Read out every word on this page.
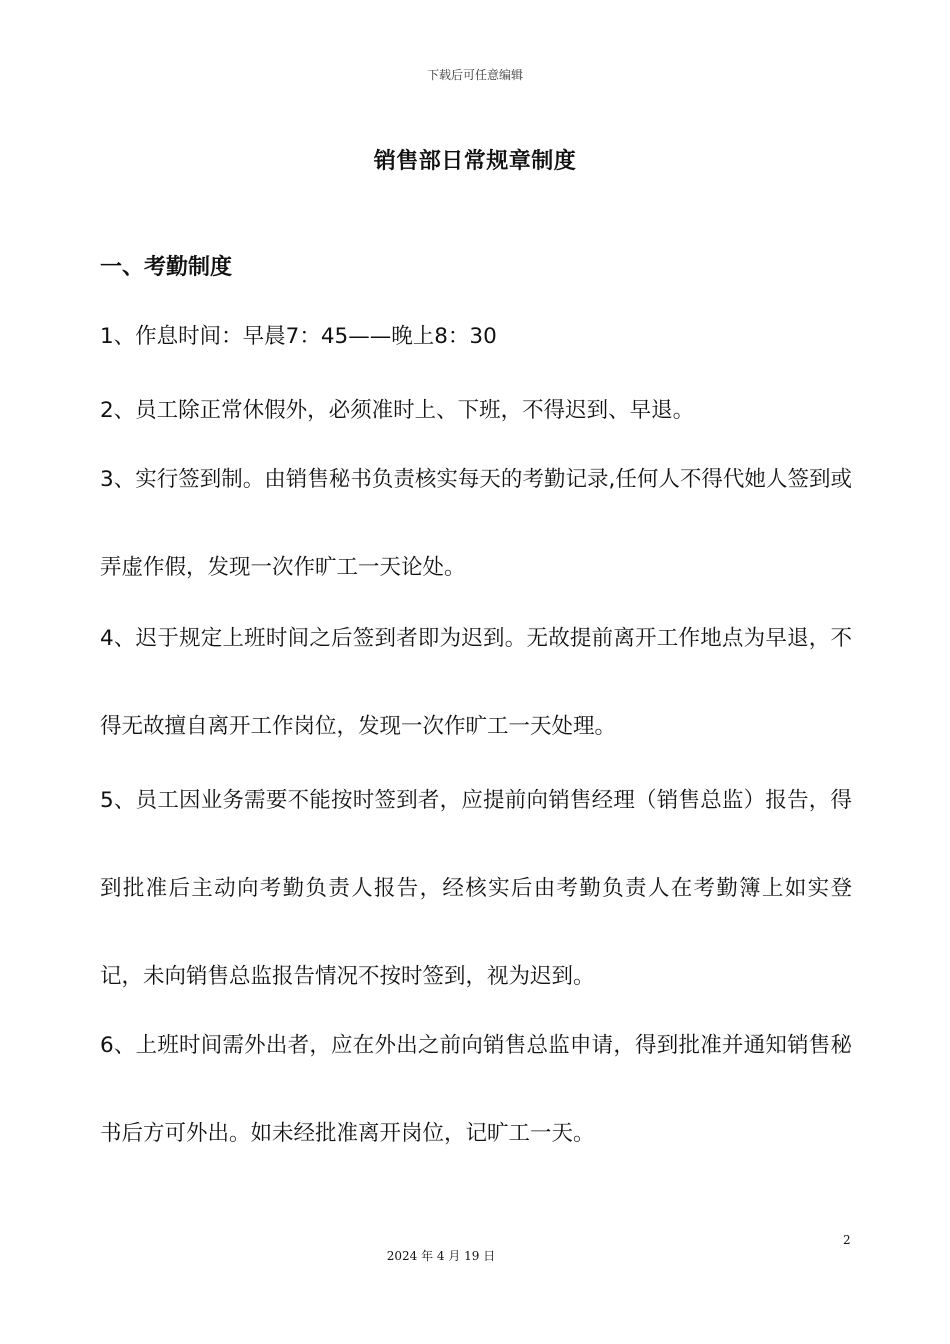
下载后可任意编辑
销售部日常规章制度
一、考勤制度

1、作息时间：早晨7：45——晚上8：30

2、员工除正常休假外，必须准时上、下班，不得迟到、早退。

3、实行签到制。由销售秘书负责核实每天的考勤记录,任何人不得代她人签到或弄虚作假，发现一次作旷工一天论处。

4、迟于规定上班时间之后签到者即为迟到。无故提前离开工作地点为早退，不得无故擅自离开工作岗位，发现一次作旷工一天处理。

5、员工因业务需要不能按时签到者，应提前向销售经理（销售总监）报告，得到批准后主动向考勤负责人报告，经核实后由考勤负责人在考勤簿上如实登记，未向销售总监报告情况不按时签到，视为迟到。

6、上班时间需外出者，应在外出之前向销售总监申请，得到批准并通知销售秘书后方可外出。如未经批准离开岗位，记旷工一天。

2
2024 年 4 月 19 日
